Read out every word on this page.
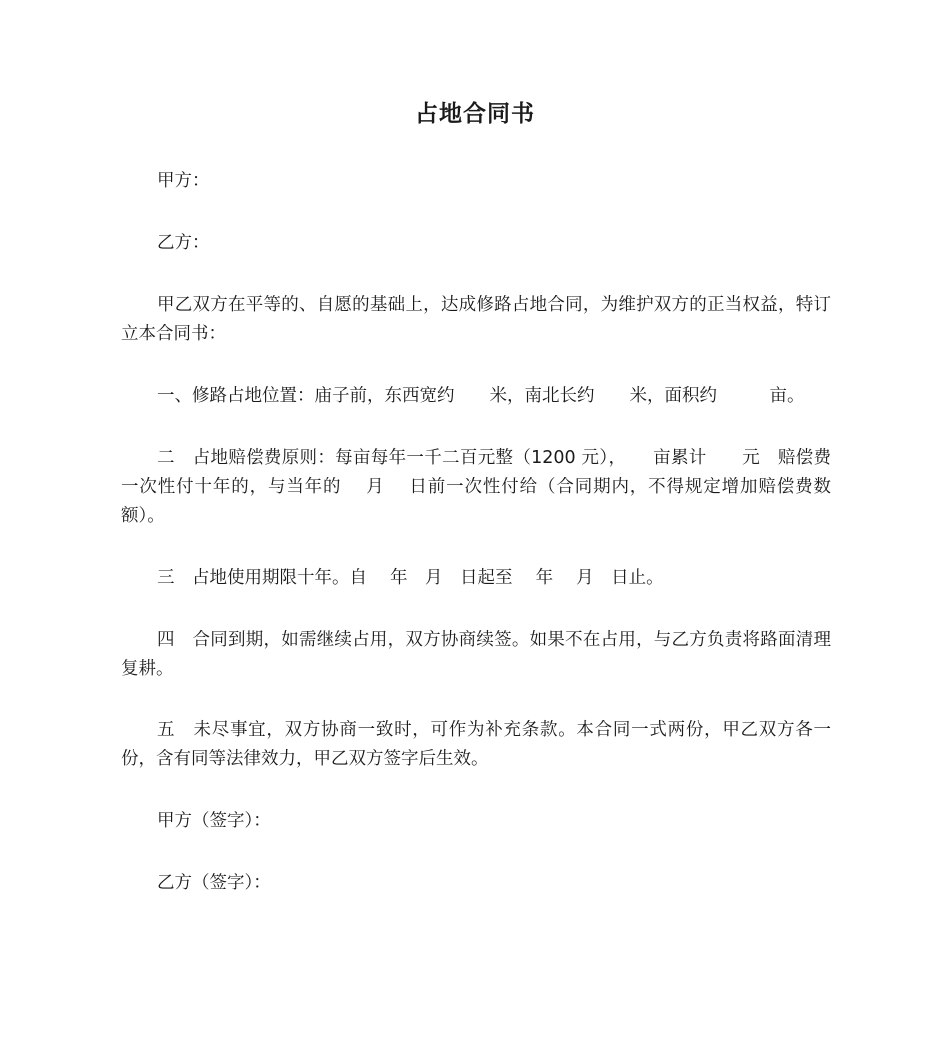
占地合同书
甲方：
乙方：
甲乙双方在平等的、自愿的基础上，达成修路占地合同，为维护双方的正当权益，特订立本合同书：
一、修路占地位置：庙子前，东西宽约　　米，南北长约　　米，面积约　　　亩。
二　占地赔偿费原则：每亩每年一千二百元整（1200 元），　　亩累计　　元　赔偿费一次性付十年的，与当年的　 月　 日前一次性付给（合同期内，不得规定增加赔偿费数额）。
三　占地使用期限十年。自　 年　月　日起至　 年　 月　日止。
四　合同到期，如需继续占用，双方协商续签。如果不在占用，与乙方负责将路面清理复耕。
五　未尽事宜，双方协商一致时，可作为补充条款。本合同一式两份，甲乙双方各一份，含有同等法律效力，甲乙双方签字后生效。
甲方（签字）：
乙方（签字）：
